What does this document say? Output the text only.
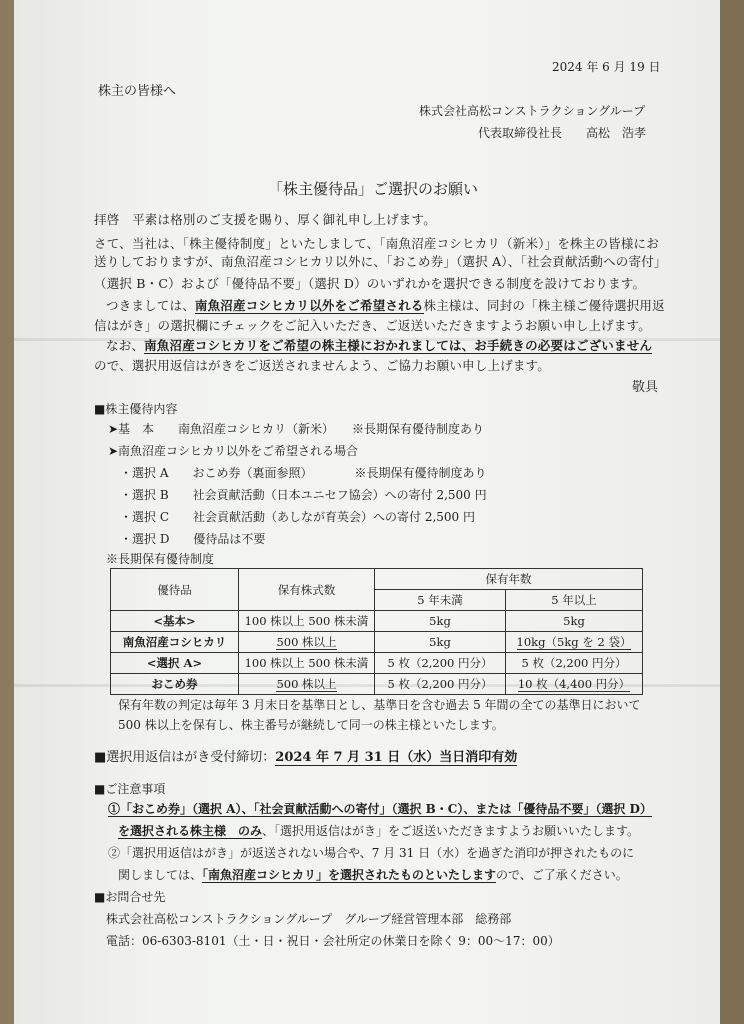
2024 年 6 月 19 日
株主の皆様へ
株式会社高松コンストラクショングループ
代表取締役社長　　高松　浩孝
「株主優待品」ご選択のお願い
拝啓　平素は格別のご支援を賜り、厚く御礼申し上げます。
さて、当社は、「株主優待制度」といたしまして、「南魚沼産コシヒカリ（新米）」を株主の皆様にお
送りしておりますが、南魚沼産コシヒカリ以外に、「おこめ券」（選択 A）、「社会貢献活動への寄付」
（選択 B・C）および「優待品不要」（選択 D）のいずれかを選択できる制度を設けております。
つきましては、南魚沼産コシヒカリ以外をご希望される株主様は、同封の「株主様ご優待選択用返
信はがき」の選択欄にチェックをご記入いただき、ご返送いただきますようお願い申し上げます。
なお、南魚沼産コシヒカリをご希望の株主様におかれましては、お手続きの必要はございません
ので、選択用返信はがきをご返送されませんよう、ご協力お願い申し上げます。
敬具
■株主優待内容
➤基　本　　南魚沼産コシヒカリ（新米）　　※長期保有優待制度あり
➤南魚沼産コシヒカリ以外をご希望される場合
・選択 A　　おこめ券（裏面参照）　　　　※長期保有優待制度あり
・選択 B　　社会貢献活動（日本ユニセフ協会）への寄付 2,500 円
・選択 C　　社会貢献活動（あしなが育英会）への寄付 2,500 円
・選択 D　　優待品は不要
※長期保有優待制度
優待品	保有株式数	保有年数	
		5 年未満	5 年以上
<基本>	100 株以上 500 株未満	5kg	5kg
南魚沼産コシヒカリ	500 株以上	5kg	10kg（5kg を 2 袋）
<選択 A>	100 株以上 500 株未満	5 枚（2,200 円分）	5 枚（2,200 円分）
おこめ券	500 株以上	5 枚（2,200 円分）	10 枚（4,400 円分）
保有年数の判定は毎年 3 月末日を基準日とし、基準日を含む過去 5 年間の全ての基準日において
500 株以上を保有し、株主番号が継続して同一の株主様といたします。
■選択用返信はがき受付締切：2024 年 7 月 31 日（水）当日消印有効
■ご注意事項
①「おこめ券」（選択 A）、「社会貢献活動への寄付」（選択 B・C）、または「優待品不要」（選択 D）
を選択される株主様　のみ、「選択用返信はがき」をご返送いただきますようお願いいたします。
②「選択用返信はがき」が返送されない場合や、7 月 31 日（水）を過ぎた消印が押されたものに
関しましては、「南魚沼産コシヒカリ」を選択されたものといたしますので、ご了承ください。
■お問合せ先
株式会社高松コンストラクショングループ　グループ経営管理本部　総務部
電話：06-6303-8101（土・日・祝日・会社所定の休業日を除く 9：00～17：00）
